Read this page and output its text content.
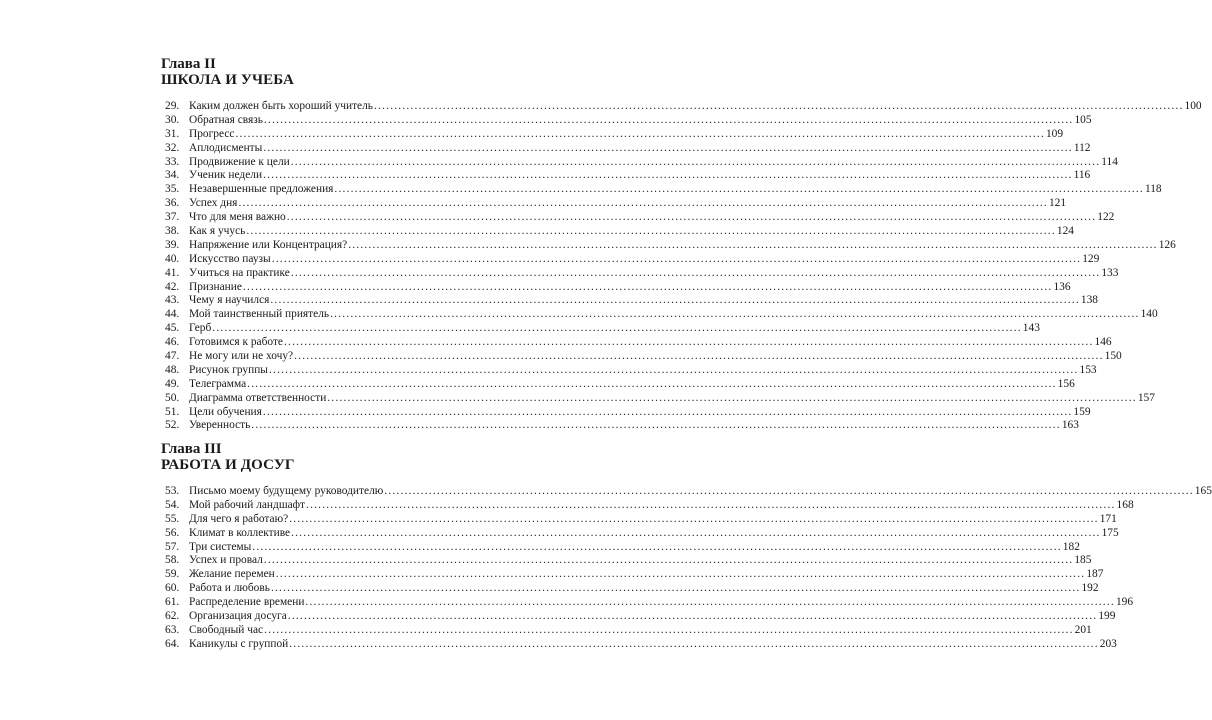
Глава II
ШКОЛА И УЧЕБА
29. Каким должен быть хороший учитель ........................................................................................................................................................................................................ 100
30. Обратная связь ........................................................................................................................................................................................................ 105
31. Прогресс ........................................................................................................................................................................................................ 109
32. Аплодисменты ........................................................................................................................................................................................................ 112
33. Продвижение к цели ........................................................................................................................................................................................................ 114
34. Ученик недели ........................................................................................................................................................................................................ 116
35. Незавершенные предложения ........................................................................................................................................................................................................ 118
36. Успех дня ........................................................................................................................................................................................................ 121
37. Что для меня важно ........................................................................................................................................................................................................ 122
38. Как я учусь ........................................................................................................................................................................................................ 124
39. Напряжение или Концентрация? ........................................................................................................................................................................................................ 126
40. Искусство паузы ........................................................................................................................................................................................................ 129
41. Учиться на практике ........................................................................................................................................................................................................ 133
42. Признание ........................................................................................................................................................................................................ 136
43. Чему я научился ........................................................................................................................................................................................................ 138
44. Мой таинственный приятель ........................................................................................................................................................................................................ 140
45. Герб ........................................................................................................................................................................................................ 143
46. Готовимся к работе ........................................................................................................................................................................................................ 146
47. Не могу или не хочу? ........................................................................................................................................................................................................ 150
48. Рисунок группы ........................................................................................................................................................................................................ 153
49. Телеграмма ........................................................................................................................................................................................................ 156
50. Диаграмма ответственности ........................................................................................................................................................................................................ 157
51. Цели обучения ........................................................................................................................................................................................................ 159
52. Уверенность ........................................................................................................................................................................................................ 163
Глава III
РАБОТА И ДОСУГ
53. Письмо моему будущему руководителю ........................................................................................................................................................................................................ 165
54. Мой рабочий ландшафт ........................................................................................................................................................................................................ 168
55. Для чего я работаю? ........................................................................................................................................................................................................ 171
56. Климат в коллективе ........................................................................................................................................................................................................ 175
57. Три системы ........................................................................................................................................................................................................ 182
58. Успех и провал ........................................................................................................................................................................................................ 185
59. Желание перемен ........................................................................................................................................................................................................ 187
60. Работа и любовь ........................................................................................................................................................................................................ 192
61. Распределение времени ........................................................................................................................................................................................................ 196
62. Организация досуга ........................................................................................................................................................................................................ 199
63. Свободный час ........................................................................................................................................................................................................ 201
64. Каникулы с группой ........................................................................................................................................................................................................ 203
